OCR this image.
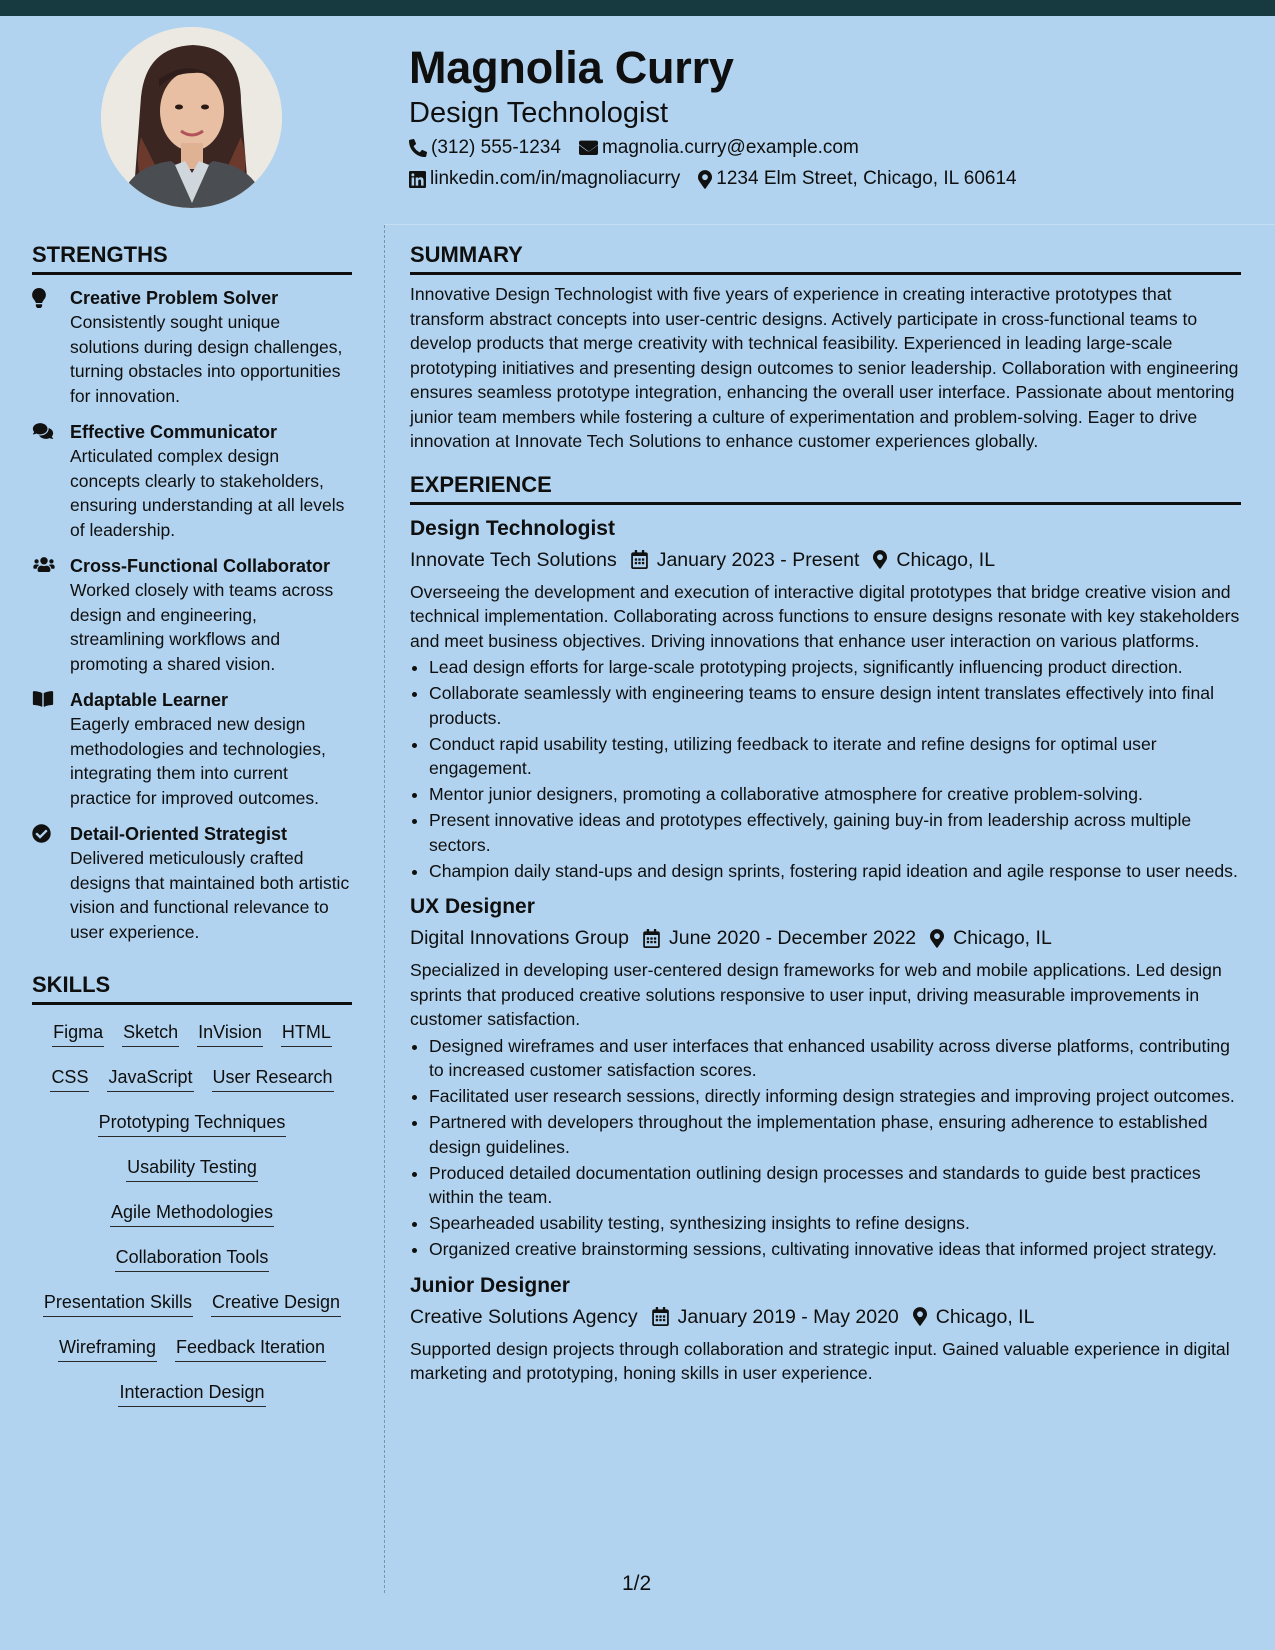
Magnolia Curry
Design Technologist
(312) 555-1234 magnolia.curry@example.com
linkedin.com/in/magnoliacurry 1234 Elm Street, Chicago, IL 60614
STRENGTHS
Creative Problem Solver
Consistently sought unique solutions during design challenges, turning obstacles into opportunities for innovation.
Effective Communicator
Articulated complex design concepts clearly to stakeholders, ensuring understanding at all levels of leadership.
Cross-Functional Collaborator
Worked closely with teams across design and engineering, streamlining workflows and promoting a shared vision.
Adaptable Learner
Eagerly embraced new design methodologies and technologies, integrating them into current practice for improved outcomes.
Detail-Oriented Strategist
Delivered meticulously crafted designs that maintained both artistic vision and functional relevance to user experience.
SKILLS
Figma Sketch InVision HTML
CSS JavaScript User Research
Prototyping Techniques
Usability Testing
Agile Methodologies
Collaboration Tools
Presentation Skills Creative Design
Wireframing Feedback Iteration
Interaction Design
SUMMARY
Innovative Design Technologist with five years of experience in creating interactive prototypes that transform abstract concepts into user-centric designs. Actively participate in cross-functional teams to develop products that merge creativity with technical feasibility. Experienced in leading large-scale prototyping initiatives and presenting design outcomes to senior leadership. Collaboration with engineering ensures seamless prototype integration, enhancing the overall user interface. Passionate about mentoring junior team members while fostering a culture of experimentation and problem-solving. Eager to drive innovation at Innovate Tech Solutions to enhance customer experiences globally.
EXPERIENCE
Design Technologist
Innovate Tech Solutions January 2023 - Present Chicago, IL
Overseeing the development and execution of interactive digital prototypes that bridge creative vision and technical implementation. Collaborating across functions to ensure designs resonate with key stakeholders and meet business objectives. Driving innovations that enhance user interaction on various platforms.
• Lead design efforts for large-scale prototyping projects, significantly influencing product direction.
• Collaborate seamlessly with engineering teams to ensure design intent translates effectively into final products.
• Conduct rapid usability testing, utilizing feedback to iterate and refine designs for optimal user engagement.
• Mentor junior designers, promoting a collaborative atmosphere for creative problem-solving.
• Present innovative ideas and prototypes effectively, gaining buy-in from leadership across multiple sectors.
• Champion daily stand-ups and design sprints, fostering rapid ideation and agile response to user needs.
UX Designer
Digital Innovations Group June 2020 - December 2022 Chicago, IL
Specialized in developing user-centered design frameworks for web and mobile applications. Led design sprints that produced creative solutions responsive to user input, driving measurable improvements in customer satisfaction.
• Designed wireframes and user interfaces that enhanced usability across diverse platforms, contributing to increased customer satisfaction scores.
• Facilitated user research sessions, directly informing design strategies and improving project outcomes.
• Partnered with developers throughout the implementation phase, ensuring adherence to established design guidelines.
• Produced detailed documentation outlining design processes and standards to guide best practices within the team.
• Spearheaded usability testing, synthesizing insights to refine designs.
• Organized creative brainstorming sessions, cultivating innovative ideas that informed project strategy.
Junior Designer
Creative Solutions Agency January 2019 - May 2020 Chicago, IL
Supported design projects through collaboration and strategic input. Gained valuable experience in digital marketing and prototyping, honing skills in user experience.
1/2
